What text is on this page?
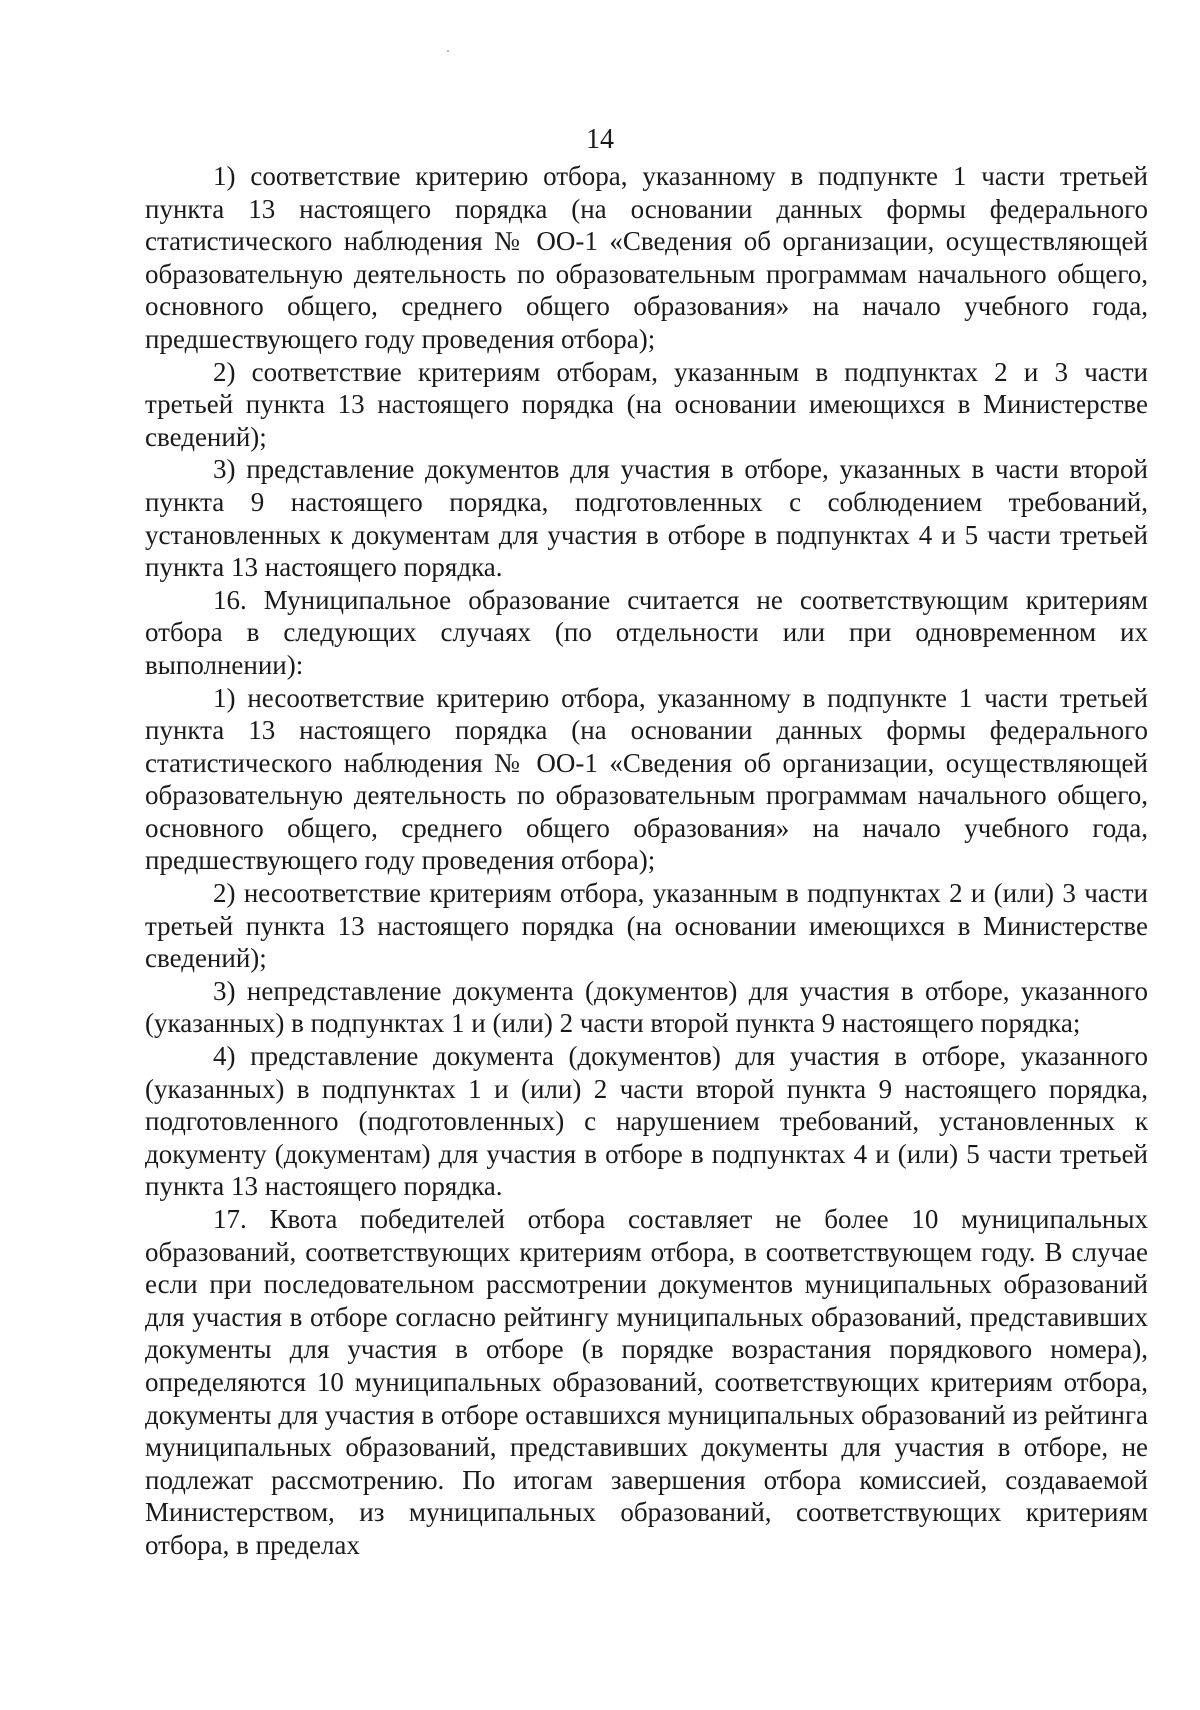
14

1) соответствие критерию отбора, указанному в подпункте 1 части третьей пункта 13 настоящего порядка (на основании данных формы федерального статистического наблюдения № ОО-1 «Сведения об организации, осуществляющей образовательную деятельность по образовательным программам начального общего, основного общего, среднего общего образования» на начало учебного года, предшествующего году проведения отбора);

2) соответствие критериям отборам, указанным в подпунктах 2 и 3 части третьей пункта 13 настоящего порядка (на основании имеющихся в Министерстве сведений);

3) представление документов для участия в отборе, указанных в части второй пункта 9 настоящего порядка, подготовленных с соблюдением требований, установленных к документам для участия в отборе в подпунктах 4 и 5 части третьей пункта 13 настоящего порядка.

16. Муниципальное образование считается не соответствующим критериям отбора в следующих случаях (по отдельности или при одновременном их выполнении):

1) несоответствие критерию отбора, указанному в подпункте 1 части третьей пункта 13 настоящего порядка (на основании данных формы федерального статистического наблюдения № ОО-1 «Сведения об организации, осуществляющей образовательную деятельность по образовательным программам начального общего, основного общего, среднего общего образования» на начало учебного года, предшествующего году проведения отбора);

2) несоответствие критериям отбора, указанным в подпунктах 2 и (или) 3 части третьей пункта 13 настоящего порядка (на основании имеющихся в Министерстве сведений);

3) непредставление документа (документов) для участия в отборе, указанного (указанных) в подпунктах 1 и (или) 2 части второй пункта 9 настоящего порядка;

4) представление документа (документов) для участия в отборе, указанного (указанных) в подпунктах 1 и (или) 2 части второй пункта 9 настоящего порядка, подготовленного (подготовленных) с нарушением требований, установленных к документу (документам) для участия в отборе в подпунктах 4 и (или) 5 части третьей пункта 13 настоящего порядка.

17. Квота победителей отбора составляет не более 10 муниципальных образований, соответствующих критериям отбора, в соответствующем году. В случае если при последовательном рассмотрении документов муниципальных образований для участия в отборе согласно рейтингу муниципальных образований, представивших документы для участия в отборе (в порядке возрастания порядкового номера), определяются 10 муниципальных образований, соответствующих критериям отбора, документы для участия в отборе оставшихся муниципальных образований из рейтинга муниципальных образований, представивших документы для участия в отборе, не подлежат рассмотрению. По итогам завершения отбора комиссией, создаваемой Министерством, из муниципальных образований, соответствующих критериям отбора, в пределах
